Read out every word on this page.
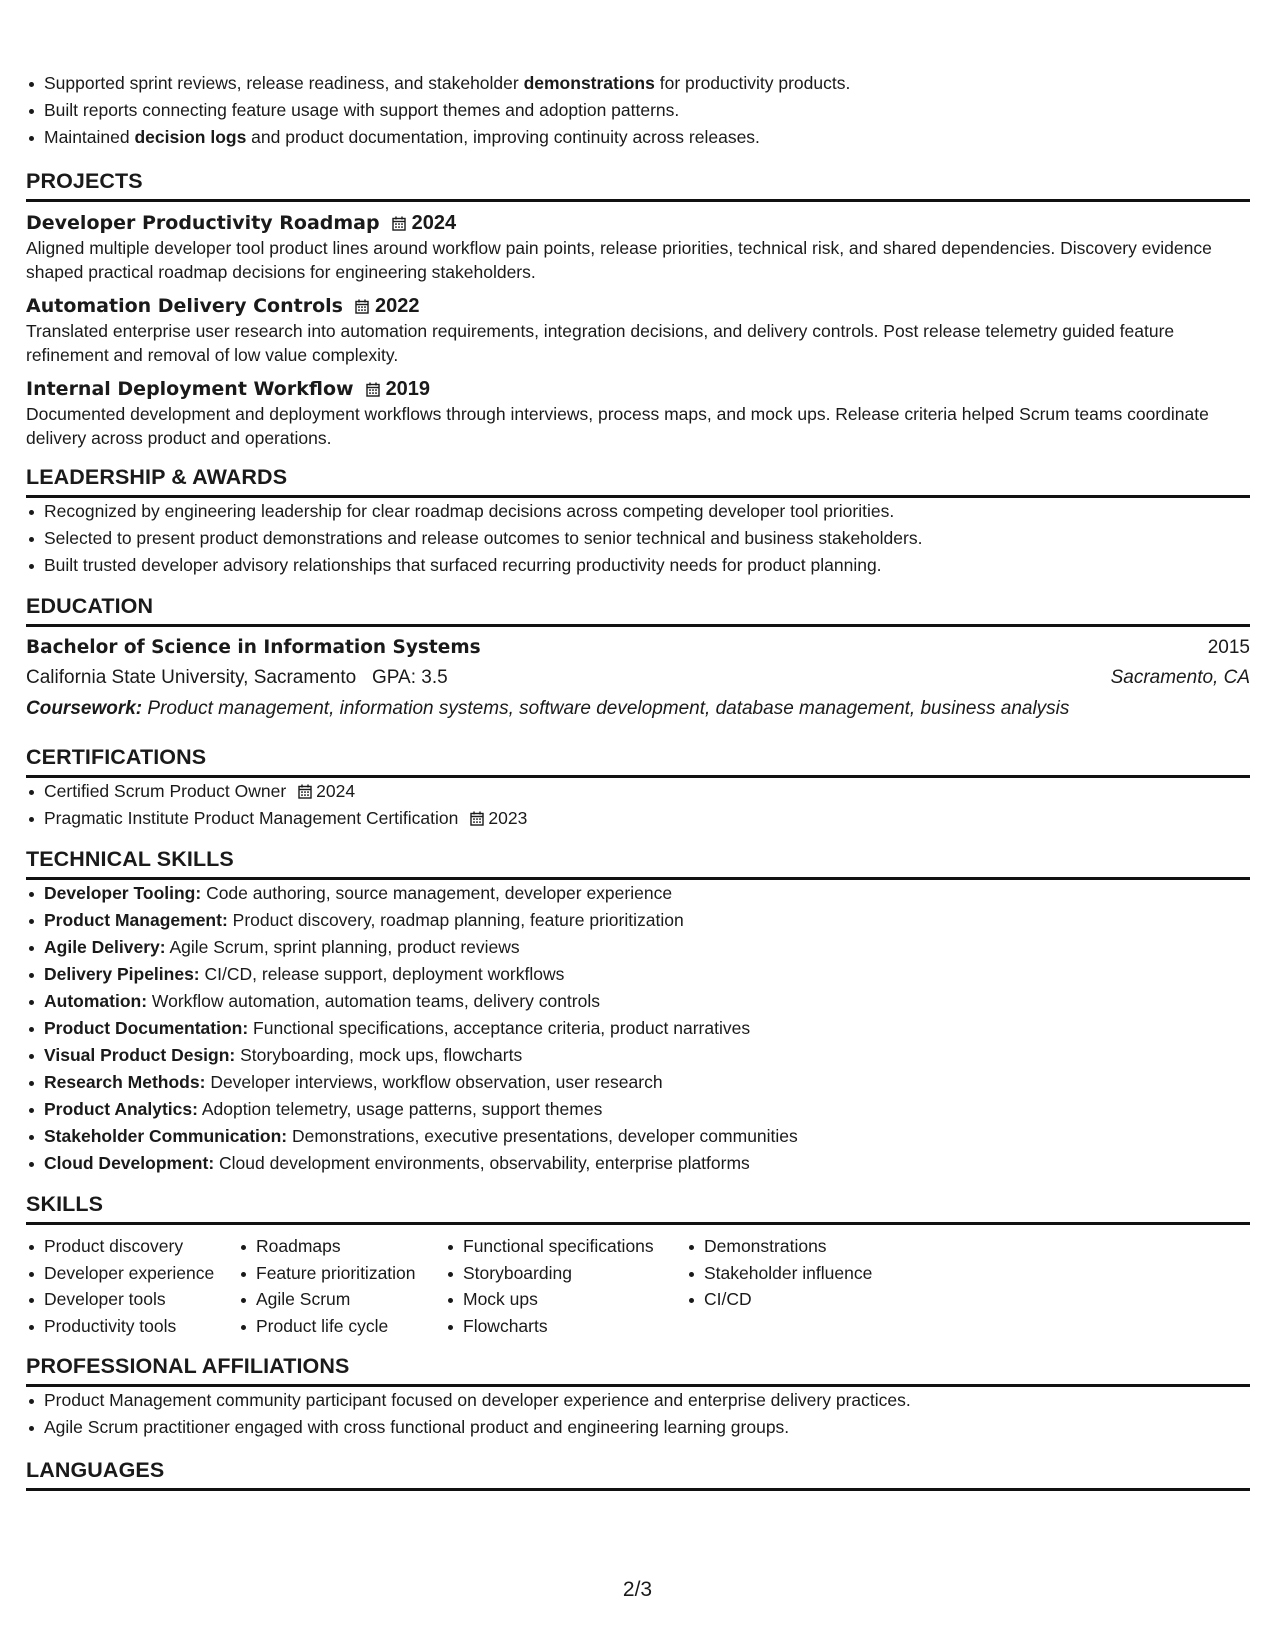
Supported sprint reviews, release readiness, and stakeholder demonstrations for productivity products.
Built reports connecting feature usage with support themes and adoption patterns.
Maintained decision logs and product documentation, improving continuity across releases.
PROJECTS
Developer Productivity Roadmap 2024
Aligned multiple developer tool product lines around workflow pain points, release priorities, technical risk, and shared dependencies. Discovery evidence shaped practical roadmap decisions for engineering stakeholders.
Automation Delivery Controls 2022
Translated enterprise user research into automation requirements, integration decisions, and delivery controls. Post release telemetry guided feature refinement and removal of low value complexity.
Internal Deployment Workflow 2019
Documented development and deployment workflows through interviews, process maps, and mock ups. Release criteria helped Scrum teams coordinate delivery across product and operations.
LEADERSHIP & AWARDS
Recognized by engineering leadership for clear roadmap decisions across competing developer tool priorities.
Selected to present product demonstrations and release outcomes to senior technical and business stakeholders.
Built trusted developer advisory relationships that surfaced recurring productivity needs for product planning.
EDUCATION
Bachelor of Science in Information Systems	2015
California State University, Sacramento GPA: 3.5	Sacramento, CA
Coursework: Product management, information systems, software development, database management, business analysis
CERTIFICATIONS
Certified Scrum Product Owner 2024
Pragmatic Institute Product Management Certification 2023
TECHNICAL SKILLS
Developer Tooling: Code authoring, source management, developer experience
Product Management: Product discovery, roadmap planning, feature prioritization
Agile Delivery: Agile Scrum, sprint planning, product reviews
Delivery Pipelines: CI/CD, release support, deployment workflows
Automation: Workflow automation, automation teams, delivery controls
Product Documentation: Functional specifications, acceptance criteria, product narratives
Visual Product Design: Storyboarding, mock ups, flowcharts
Research Methods: Developer interviews, workflow observation, user research
Product Analytics: Adoption telemetry, usage patterns, support themes
Stakeholder Communication: Demonstrations, executive presentations, developer communities
Cloud Development: Cloud development environments, observability, enterprise platforms
SKILLS
Product discovery
Developer experience
Developer tools
Productivity tools
Roadmaps
Feature prioritization
Agile Scrum
Product life cycle
Functional specifications
Storyboarding
Mock ups
Flowcharts
Demonstrations
Stakeholder influence
CI/CD
PROFESSIONAL AFFILIATIONS
Product Management community participant focused on developer experience and enterprise delivery practices.
Agile Scrum practitioner engaged with cross functional product and engineering learning groups.
LANGUAGES
2/3
